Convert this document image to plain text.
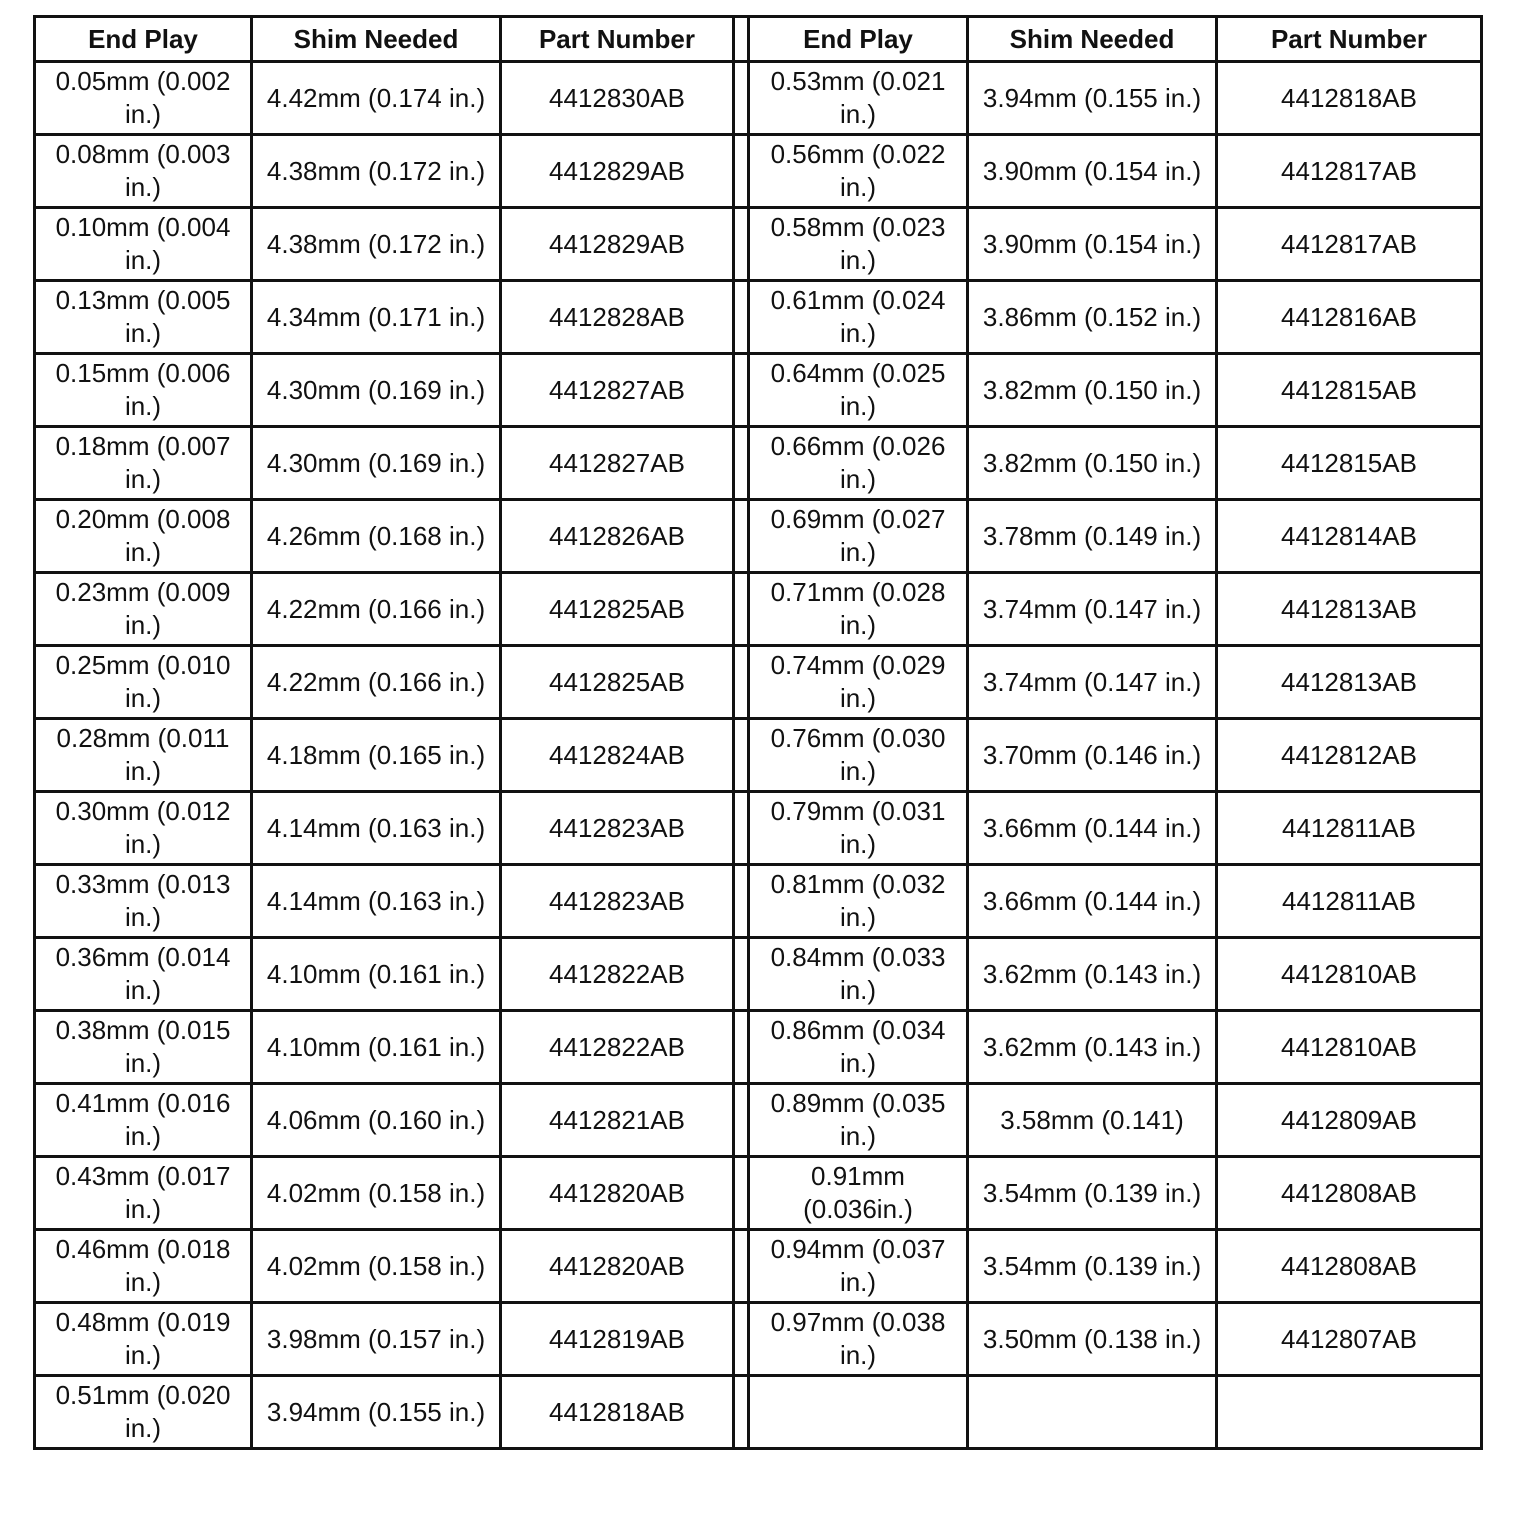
End Play	Shim Needed	Part Number		End Play	Shim Needed	Part Number
0.05mm (0.002 in.)	4.42mm (0.174 in.)	4412830AB		0.53mm (0.021 in.)	3.94mm (0.155 in.)	4412818AB
0.08mm (0.003 in.)	4.38mm (0.172 in.)	4412829AB		0.56mm (0.022 in.)	3.90mm (0.154 in.)	4412817AB
0.10mm (0.004 in.)	4.38mm (0.172 in.)	4412829AB		0.58mm (0.023 in.)	3.90mm (0.154 in.)	4412817AB
0.13mm (0.005 in.)	4.34mm (0.171 in.)	4412828AB		0.61mm (0.024 in.)	3.86mm (0.152 in.)	4412816AB
0.15mm (0.006 in.)	4.30mm (0.169 in.)	4412827AB		0.64mm (0.025 in.)	3.82mm (0.150 in.)	4412815AB
0.18mm (0.007 in.)	4.30mm (0.169 in.)	4412827AB		0.66mm (0.026 in.)	3.82mm (0.150 in.)	4412815AB
0.20mm (0.008 in.)	4.26mm (0.168 in.)	4412826AB		0.69mm (0.027 in.)	3.78mm (0.149 in.)	4412814AB
0.23mm (0.009 in.)	4.22mm (0.166 in.)	4412825AB		0.71mm (0.028 in.)	3.74mm (0.147 in.)	4412813AB
0.25mm (0.010 in.)	4.22mm (0.166 in.)	4412825AB		0.74mm (0.029 in.)	3.74mm (0.147 in.)	4412813AB
0.28mm (0.011 in.)	4.18mm (0.165 in.)	4412824AB		0.76mm (0.030 in.)	3.70mm (0.146 in.)	4412812AB
0.30mm (0.012 in.)	4.14mm (0.163 in.)	4412823AB		0.79mm (0.031 in.)	3.66mm (0.144 in.)	4412811AB
0.33mm (0.013 in.)	4.14mm (0.163 in.)	4412823AB		0.81mm (0.032 in.)	3.66mm (0.144 in.)	4412811AB
0.36mm (0.014 in.)	4.10mm (0.161 in.)	4412822AB		0.84mm (0.033 in.)	3.62mm (0.143 in.)	4412810AB
0.38mm (0.015 in.)	4.10mm (0.161 in.)	4412822AB		0.86mm (0.034 in.)	3.62mm (0.143 in.)	4412810AB
0.41mm (0.016 in.)	4.06mm (0.160 in.)	4412821AB		0.89mm (0.035 in.)	3.58mm (0.141)	4412809AB
0.43mm (0.017 in.)	4.02mm (0.158 in.)	4412820AB		0.91mm (0.036in.)	3.54mm (0.139 in.)	4412808AB
0.46mm (0.018 in.)	4.02mm (0.158 in.)	4412820AB		0.94mm (0.037 in.)	3.54mm (0.139 in.)	4412808AB
0.48mm (0.019 in.)	3.98mm (0.157 in.)	4412819AB		0.97mm (0.038 in.)	3.50mm (0.138 in.)	4412807AB
0.51mm (0.020 in.)	3.94mm (0.155 in.)	4412818AB				
